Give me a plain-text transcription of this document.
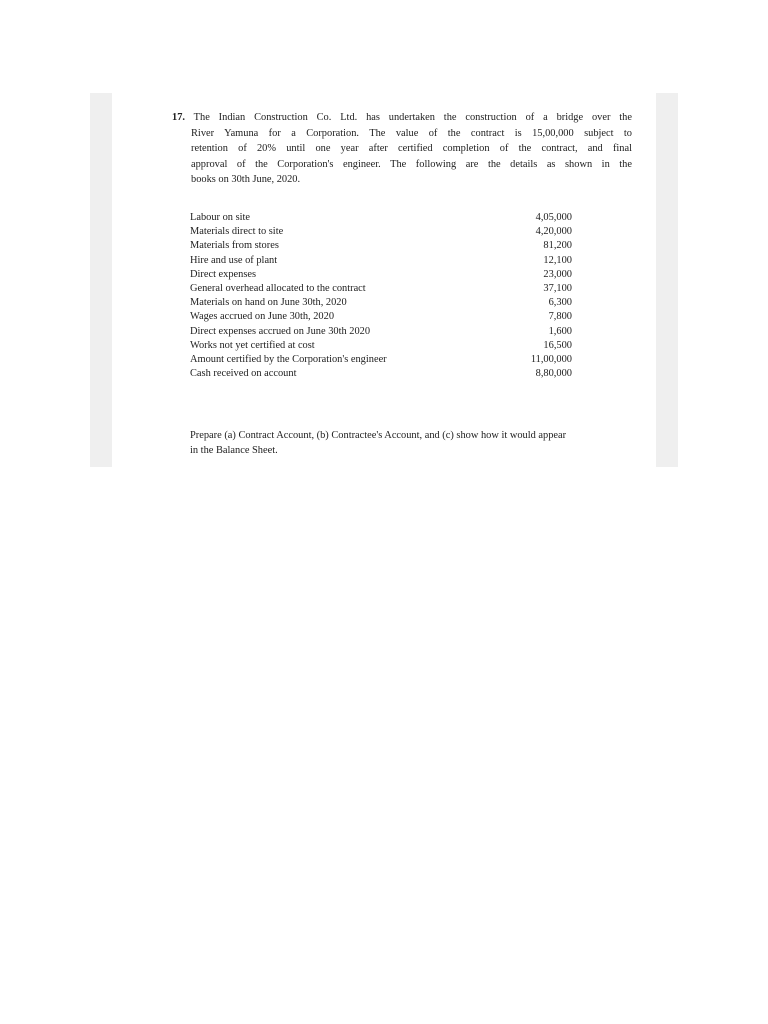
17. The Indian Construction Co. Ltd. has undertaken the construction of a bridge over the
River Yamuna for a Corporation. The value of the contract is 15,00,000 subject to
retention of 20% until one year after certified completion of the contract, and final
approval of the Corporation's engineer. The following are the details as shown in the
books on 30th June, 2020.
Labour on site	4,05,000
Materials direct to site	4,20,000
Materials from stores	81,200
Hire and use of plant	12,100
Direct expenses	23,000
General overhead allocated to the contract	37,100
Materials on hand on June 30th, 2020	6,300
Wages accrued on June 30th, 2020	7,800
Direct expenses accrued on June 30th 2020	1,600
Works not yet certified at cost	16,500
Amount certified by the Corporation's engineer	11,00,000
Cash received on account	8,80,000
Prepare (a) Contract Account, (b) Contractee's Account, and (c) show how it would appear
in the Balance Sheet.
